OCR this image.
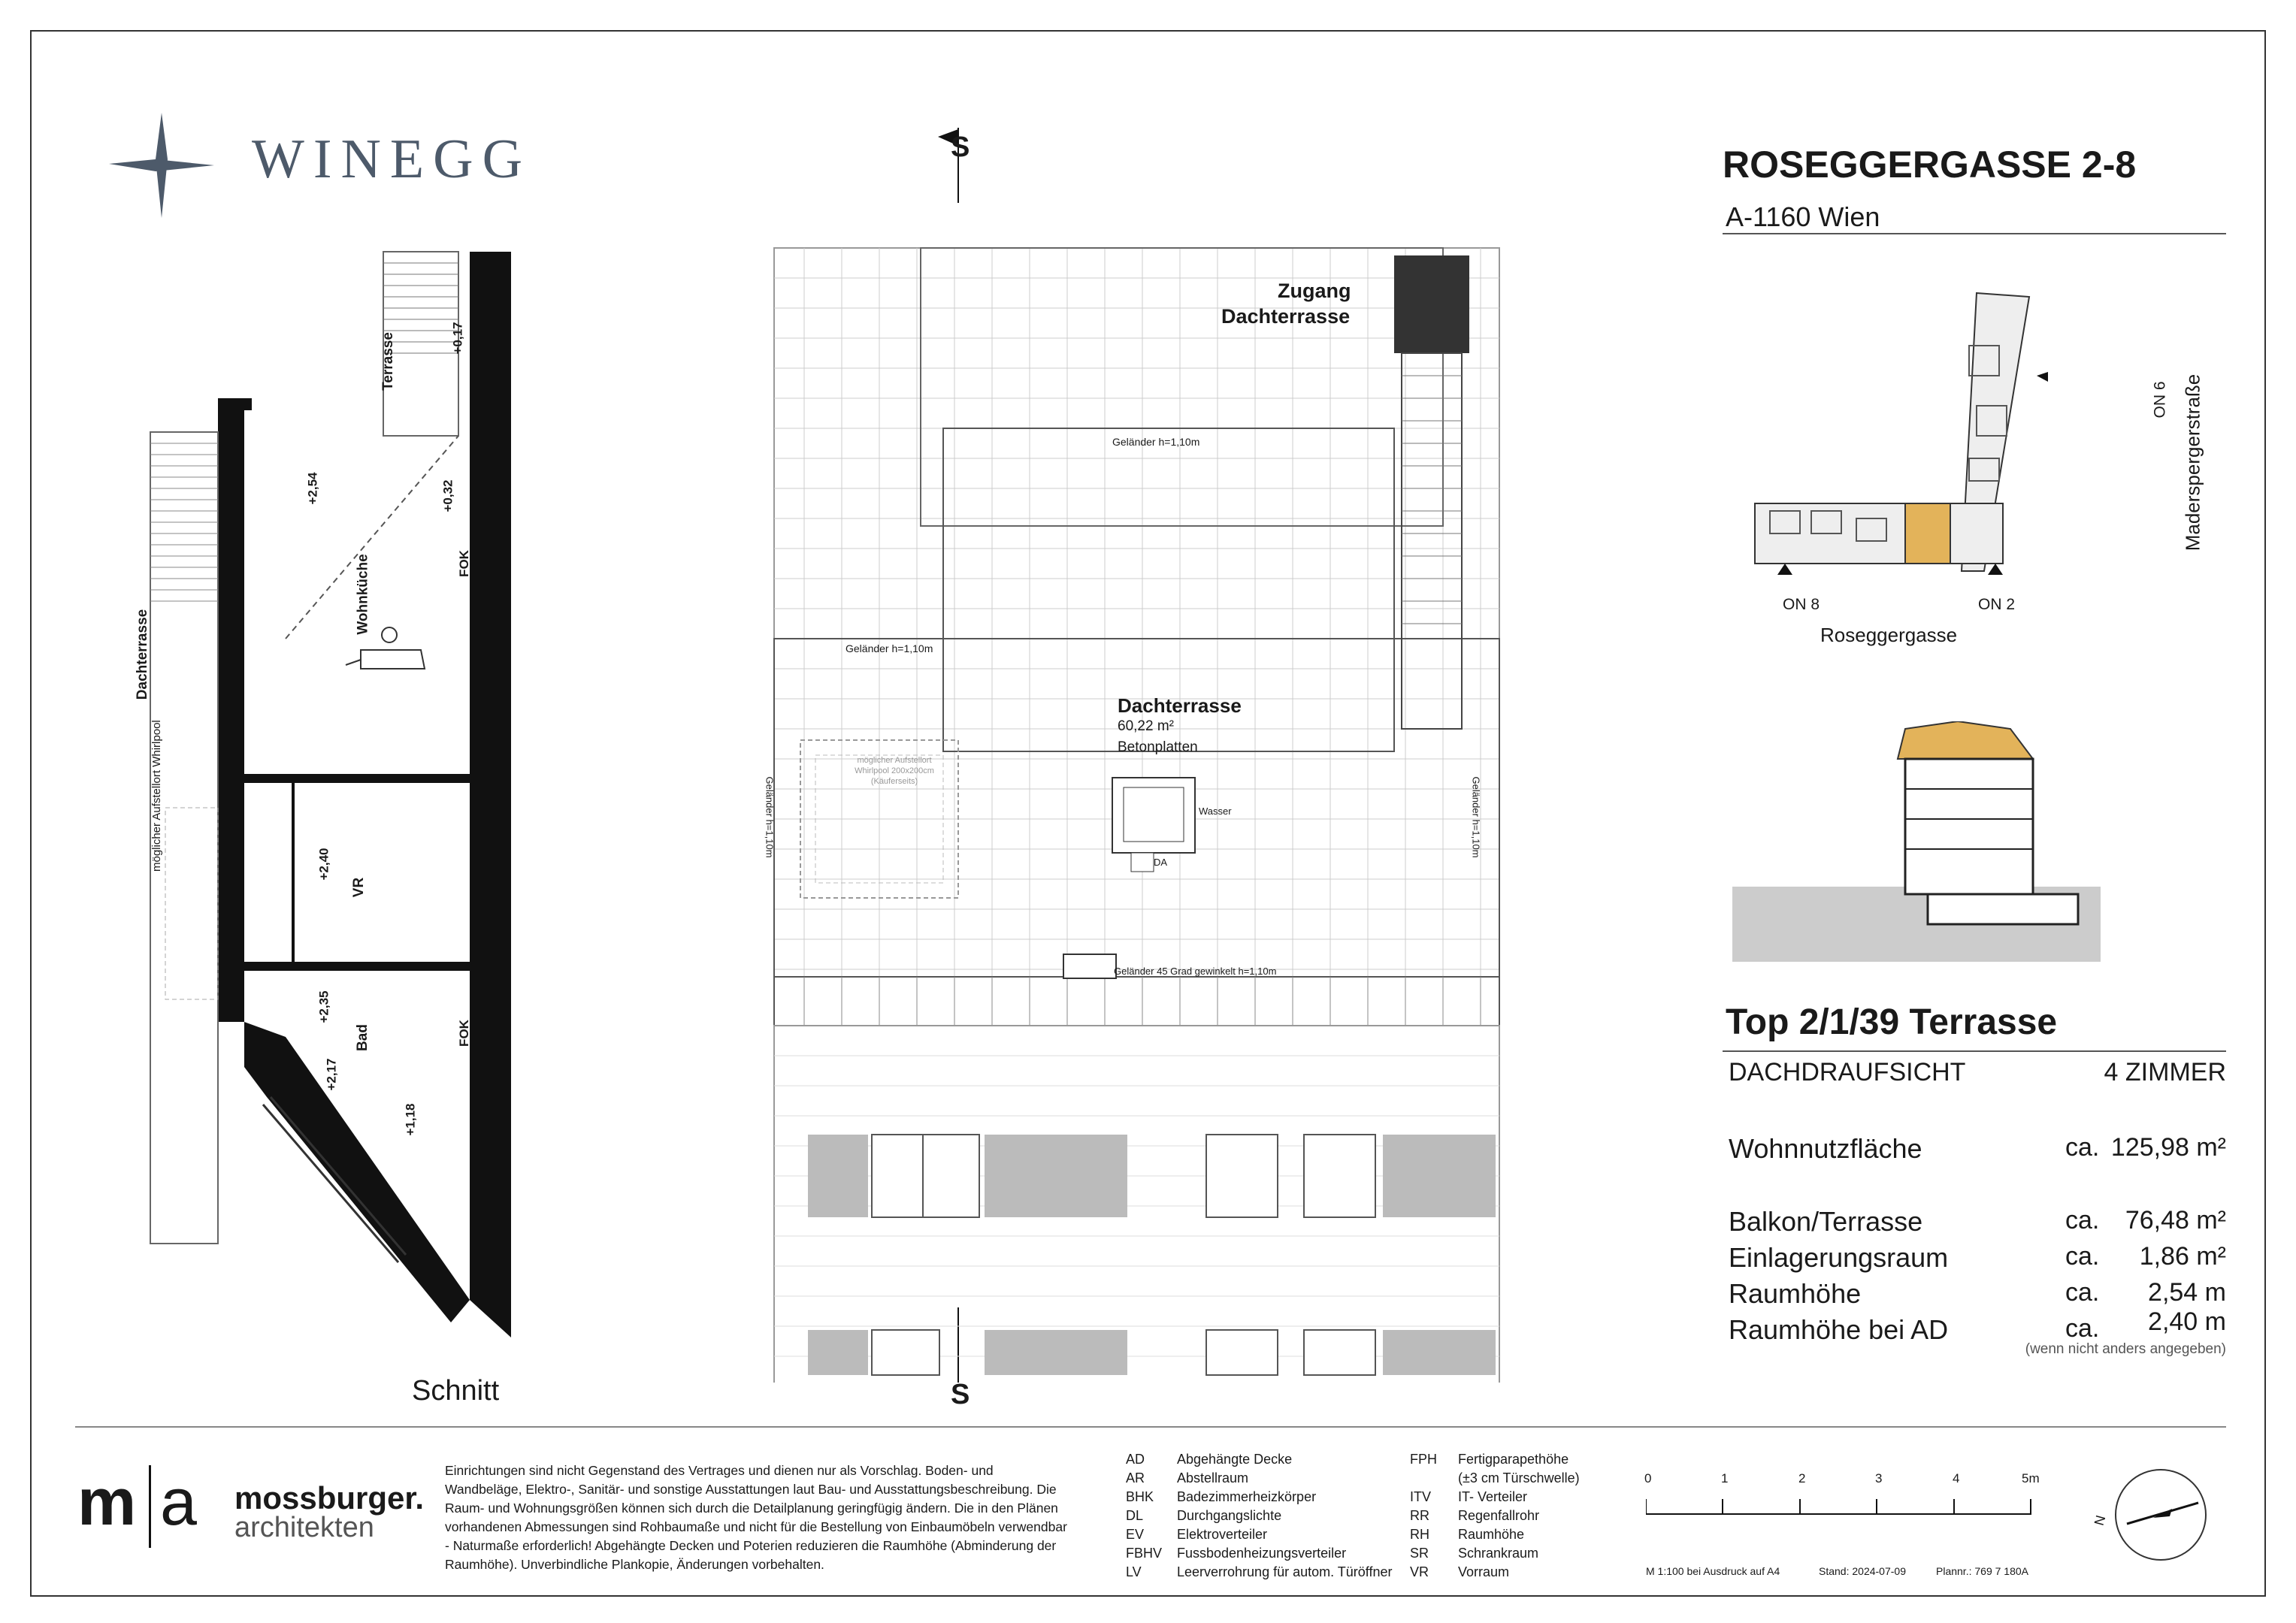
WINEGG	ROSEGGERGASSE 2-8
A-1160 Wien
Terrasse
Dachterrasse
Wohnküche
VR
Bad
möglicher Aufstellort Whirlpool
+0,17
+2,54	+0,32
FOK
+2,40
+2,35
+2,17
FOK
+1,18
Schnitt
S
S
Zugang
Dachterrasse
Geländer h=1,10m
Geländer h=1,10m
Dachterrasse
60,22 m²
Betonplatten
möglicher Aufstellort
Whirlpool 200x200cm
(Käuferseits)
Wasser
DA
Geländer h=1,10m	Geländer h=1,10m
Geländer 45 Grad gewinkelt h=1,10m
ON 8	ON 2
ON 6
Roseggergasse
Maderspergerstraße
Top 2/1/39 Terrasse
DACHDRAUFSICHT	4 ZIMMER
Wohnnutzfläche	ca. 125,98 m²
Balkon/Terrasse	ca.	76,48 m²
Einlagerungsraum	ca.	1,86 m²
Raumhöhe	ca.	2,54 m
Raumhöhe bei AD	ca.	2,40 m
(wenn nicht anders angegeben)
m a mossburger.
architekten
Einrichtungen sind nicht Gegenstand des Vertrages und dienen nur als Vorschlag. Boden- und Wandbeläge, Elektro-, Sanitär- und sonstige Ausstattungen laut Bau- und Ausstattungsbeschreibung. Die Raum- und Wohnungsgrößen können sich durch die Detailplanung geringfügig ändern. Die in den Plänen vorhandenen Abmessungen sind Rohbaumaße und nicht für die Bestellung von Einbaumöbeln verwendbar - Naturmaße erforderlich! Abgehängte Decken und Poterien reduzieren die Raumhöhe (Abminderung der Raumhöhe). Unverbindliche Plankopie, Änderungen vorbehalten.
AD	Abgehängte Decke
AR	Abstellraum
BHK	Badezimmerheizkörper
DL	Durchgangslichte
EV	Elektroverteiler
FBHV	Fussbodenheizungsverteiler
LV	Leerverrohrung für autom. Türöffner
FPH	Fertigparapethöhe
(±3 cm Türschwelle)
ITV	IT- Verteiler
RR	Regenfallrohr
RH	Raumhöhe
SR	Schrankraum
VR	Vorraum
0	1	2	3	4	5m
M 1:100 bei Ausdruck auf A4	Stand: 2024-07-09	Plannr.: 769 7 180A
N
